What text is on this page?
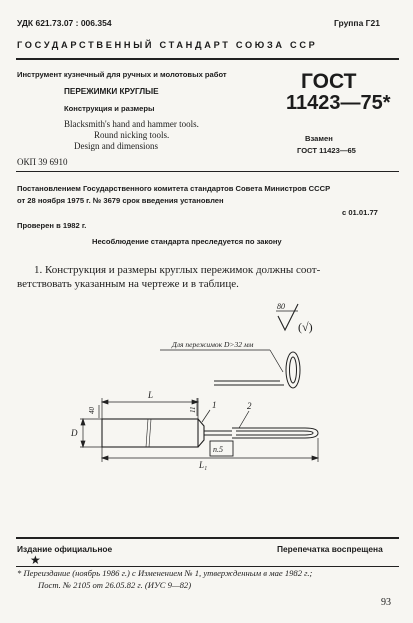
УДК 621.73.07 : 006.354	Группа Г21
ГОСУДАРСТВЕННЫЙ СТАНДАРТ СОЮЗА ССР
Инструмент кузнечный для ручных и молотовых работ
ПЕРЕЖИМКИ КРУГЛЫЕ
Конструкция и размеры
Blacksmith's hand and hammer tools.
Round nicking tools.
Design and dimensions
ГОСТ
11423—75*
Взамен
ГОСТ 11423—65
ОКП 39 6910
Постановлением Государственного комитета стандартов Совета Министров СССР
от 28 ноября 1975 г. № 3679 срок введения установлен
с 01.01.77
Проверен в 1982 г.
Несоблюдение стандарта преследуется по закону
1. Конструкция и размеры круглых пережимок должны соот-
ветствовать указанным на чертеже и в таблице.
80
(√)
Для пережимок D>32 мм
L
40
D
11 1	2
п.5
L₁
Издание официальное	Перепечатка воспрещена
★
* Переиздание (ноябрь 1986 г.) с Изменением № 1, утвержденным в мае 1982 г.;
Пост. № 2105 от 26.05.82 г. (ИУС 9—82)
93
